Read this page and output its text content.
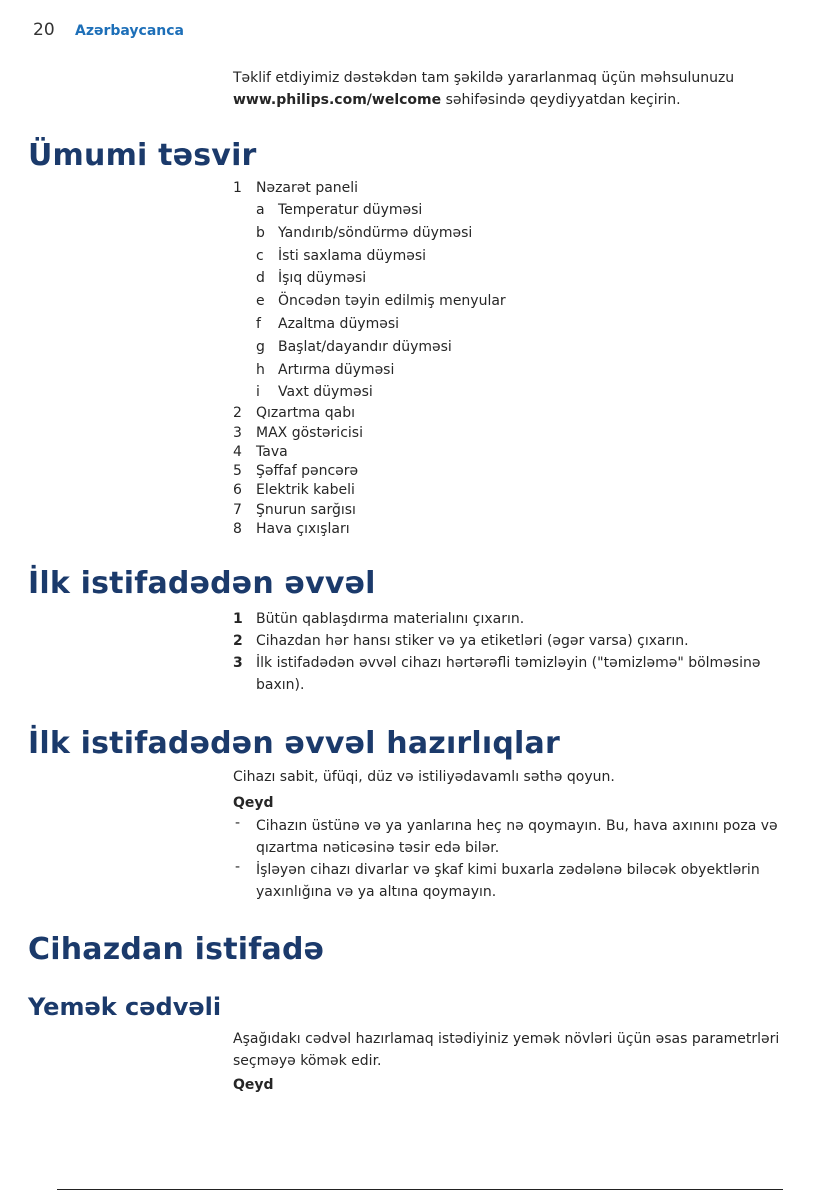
20 Azərbaycanca
Təklif etdiyimiz dəstəkdən tam şəkildə yararlanmaq üçün məhsulunuzu
www.philips.com/welcome səhifəsində qeydiyyatdan keçirin.
Ümumi təsvir
1 Nəzarət paneli
a Temperatur düyməsi
b Yandırıb/söndürmə düyməsi
c İsti saxlama düyməsi
d İşıq düyməsi
e Öncədən təyin edilmiş menyular
f Azaltma düyməsi
g Başlat/dayandır düyməsi
h Artırma düyməsi
i Vaxt düyməsi
2 Qızartma qabı
3 MAX göstəricisi
4 Tava
5 Şəffaf pəncərə
6 Elektrik kabeli
7 Şnurun sarğısı
8 Hava çıxışları
İlk istifadədən əvvəl
1 Bütün qablaşdırma materialını çıxarın.
2 Cihazdan hər hansı stiker və ya etiketləri (əgər varsa) çıxarın.
3 İlk istifadədən əvvəl cihazı hərtərəfli təmizləyin ("təmizləmə" bölməsinə
baxın).
İlk istifadədən əvvəl hazırlıqlar
Cihazı sabit, üfüqi, düz və istiliyədavamlı səthə qoyun.
Qeyd
- Cihazın üstünə və ya yanlarına heç nə qoymayın. Bu, hava axınını poza və
qızartma nəticəsinə təsir edə bilər.
- İşləyən cihazı divarlar və şkaf kimi buxarla zədələnə biləcək obyektlərin
yaxınlığına və ya altına qoymayın.
Cihazdan istifadə
Yemək cədvəli
Aşağıdakı cədvəl hazırlamaq istədiyiniz yemək növləri üçün əsas parametrləri
seçməyə kömək edir.
Qeyd
